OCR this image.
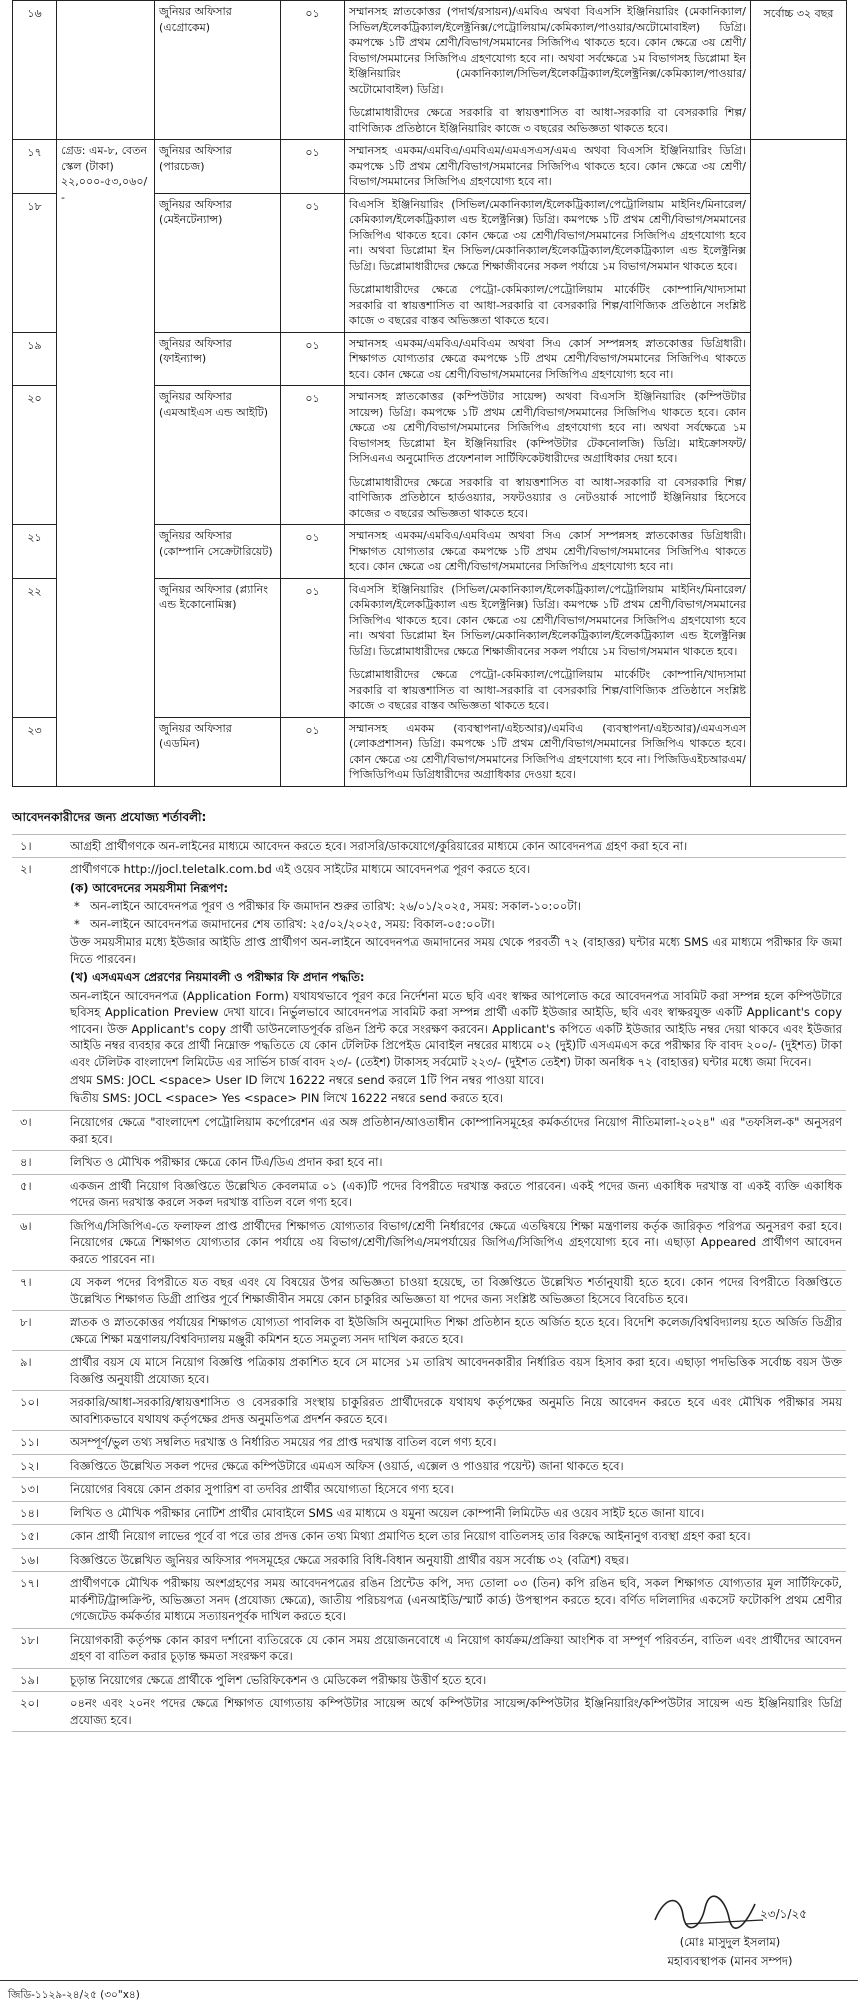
১৬		জুনিয়র অফিসার (এগ্রোকেম)	০১	সম্মানসহ স্নাতকোত্তর (পদার্থ/রসায়ন)/এমবিএ অথবা বিএসসি ইঞ্জিনিয়ারিং (মেকানিক্যাল/সিভিল/ইলেকট্রিক্যাল/ইলেক্ট্রনিক্স/পেট্রোলিয়াম/কেমিক্যাল/পাওয়ার/অটোমোবাইল) ডিগ্রি। কমপক্ষে ১টি প্রথম শ্রেণী/বিভাগ/সমমানের সিজিপিএ থাকতে হবে। কোন ক্ষেত্রে ৩য় শ্রেণী/বিভাগ/সমমানের সিজিপিএ গ্রহণযোগ্য হবে না। অথবা সর্বক্ষেত্রে ১ম বিভাগসহ ডিপ্লোমা ইন ইঞ্জিনিয়ারিং (মেকানিক্যাল/সিভিল/ইলেকট্রিক্যাল/ইলেক্ট্রনিক্স/কেমিক্যাল/পাওয়ার/অটোমোবাইল) ডিগ্রি।

ডিপ্লোমাধারীদের ক্ষেত্রে সরকারি বা স্বায়ত্তশাসিত বা আধা-সরকারি বা বেসরকারি শিল্প/বাণিজ্যিক প্রতিষ্ঠানে ইঞ্জিনিয়ারিং কাজে ৩ বছরের অভিজ্ঞতা থাকতে হবে।	সর্বোচ্চ ৩২ বছর
১৭	গ্রেড: এম-৮, বেতন স্কেল (টাকা) ২২,০০০-৫৩,০৬০/-	জুনিয়র অফিসার (পারচেজ)	০১	সম্মানসহ এমকম/এমবিএ/এমবিএম/এমএসএস/এমএ অথবা বিএসসি ইঞ্জিনিয়ারিং ডিগ্রি। কমপক্ষে ১টি প্রথম শ্রেণী/বিভাগ/সমমানের সিজিপিএ থাকতে হবে। কোন ক্ষেত্রে ৩য় শ্রেণী/বিভাগ/সমমানের সিজিপিএ গ্রহণযোগ্য হবে না।	

১৮		জুনিয়র অফিসার (মেইনটেন্যান্স)	০১	বিএসসি ইঞ্জিনিয়ারিং (সিভিল/মেকানিক্যাল/ইলেকট্রিক্যাল/পেট্রোলিয়াম মাইনিং/মিনারেল/কেমিক্যাল/ইলেকট্রিক্যাল এন্ড ইলেক্ট্রনিক্স) ডিগ্রি। কমপক্ষে ১টি প্রথম শ্রেণী/বিভাগ/সমমানের সিজিপিএ থাকতে হবে। কোন ক্ষেত্রে ৩য় শ্রেণী/বিভাগ/সমমানের সিজিপিএ গ্রহণযোগ্য হবে না। অথবা ডিপ্লোমা ইন সিভিল/মেকানিক্যাল/ইলেকট্রিক্যাল/ইলেকট্রিক্যাল এন্ড ইলেক্ট্রনিক্স ডিগ্রি। ডিপ্লোমাধারীদের ক্ষেত্রে শিক্ষাজীবনের সকল পর্যায়ে ১ম বিভাগ/সমমান থাকতে হবে।

ডিপ্লোমাধারীদের ক্ষেত্রে পেট্রো-কেমিক্যাল/পেট্রোলিয়াম মার্কেটিং কোম্পানি/খাদ্যসামা সরকারি বা স্বায়ত্তশাসিত বা আধা-সরকারি বা বেসরকারি শিল্প/বাণিজ্যিক প্রতিষ্ঠানে সংশ্লিষ্ট কাজে ৩ বছরের বাস্তব অভিজ্ঞতা থাকতে হবে।	

১৯		জুনিয়র অফিসার (ফাইন্যান্স)	০১	সম্মানসহ এমকম/এমবিএ/এমবিএম অথবা সিএ কোর্স সম্পন্নসহ স্নাতকোত্তর ডিগ্রিধারী। শিক্ষাগত যোগ্যতার ক্ষেত্রে কমপক্ষে ১টি প্রথম শ্রেণী/বিভাগ/সমমানের সিজিপিএ থাকতে হবে। কোন ক্ষেত্রে ৩য় শ্রেণী/বিভাগ/সমমানের সিজিপিএ গ্রহণযোগ্য হবে না।	

২০		জুনিয়র অফিসার (এমআইএস এন্ড আইটি)	০১	সম্মানসহ স্নাতকোত্তর (কম্পিউটার সায়েন্স) অথবা বিএসসি ইঞ্জিনিয়ারিং (কম্পিউটার সায়েন্স) ডিগ্রি। কমপক্ষে ১টি প্রথম শ্রেণী/বিভাগ/সমমানের সিজিপিএ থাকতে হবে। কোন ক্ষেত্রে ৩য় শ্রেণী/বিভাগ/সমমানের সিজিপিএ গ্রহণযোগ্য হবে না। অথবা সর্বক্ষেত্রে ১ম বিভাগসহ ডিপ্লোমা ইন ইঞ্জিনিয়ারিং (কম্পিউটার টেকনোলজি) ডিগ্রি। মাইক্রোসফট/সিসিএনএ অনুমোদিত প্রফেশনাল সার্টিফিকেটধারীদের অগ্রাধিকার দেয়া হবে।

ডিপ্লোমাধারীদের ক্ষেত্রে সরকারি বা স্বায়ত্তশাসিত বা আধা-সরকারি বা বেসরকারি শিল্প/বাণিজ্যিক প্রতিষ্ঠানে হার্ডওয়্যার, সফটওয়্যার ও নেটওয়ার্ক সাপোর্ট ইঞ্জিনিয়ার হিসেবে কাজের ৩ বছরের অভিজ্ঞতা থাকতে হবে।	

২১		জুনিয়র অফিসার (কোম্পানি সেক্রেটারিয়েট)	০১	সম্মানসহ এমকম/এমবিএ/এমবিএম অথবা সিএ কোর্স সম্পন্নসহ স্নাতকোত্তর ডিগ্রিধারী। শিক্ষাগত যোগ্যতার ক্ষেত্রে কমপক্ষে ১টি প্রথম শ্রেণী/বিভাগ/সমমানের সিজিপিএ থাকতে হবে। কোন ক্ষেত্রে ৩য় শ্রেণী/বিভাগ/সমমানের সিজিপিএ গ্রহণযোগ্য হবে না।	

২২		জুনিয়র অফিসার (প্ল্যানিং এন্ড ইকোনোমিক্স)	০১	বিএসসি ইঞ্জিনিয়ারিং (সিভিল/মেকানিক্যাল/ইলেকট্রিক্যাল/পেট্রোলিয়াম মাইনিং/মিনারেল/কেমিক্যাল/ইলেকট্রিক্যাল এন্ড ইলেক্ট্রনিক্স) ডিগ্রি। কমপক্ষে ১টি প্রথম শ্রেণী/বিভাগ/সমমানের সিজিপিএ থাকতে হবে। কোন ক্ষেত্রে ৩য় শ্রেণী/বিভাগ/সমমানের সিজিপিএ গ্রহণযোগ্য হবে না। অথবা ডিপ্লোমা ইন সিভিল/মেকানিক্যাল/ইলেকট্রিক্যাল/ইলেকট্রিক্যাল এন্ড ইলেক্ট্রনিক্স ডিগ্রি। ডিপ্লোমাধারীদের ক্ষেত্রে শিক্ষাজীবনের সকল পর্যায়ে ১ম বিভাগ/সমমান থাকতে হবে।

ডিপ্লোমাধারীদের ক্ষেত্রে পেট্রো-কেমিক্যাল/পেট্রোলিয়াম মার্কেটিং কোম্পানি/খাদ্যসামা সরকারি বা স্বায়ত্তশাসিত বা আধা-সরকারি বা বেসরকারি শিল্প/বাণিজ্যিক প্রতিষ্ঠানে সংশ্লিষ্ট কাজে ৩ বছরের বাস্তব অভিজ্ঞতা থাকতে হবে।	

২৩		জুনিয়র অফিসার (এডমিন)	০১	সম্মানসহ এমকম (ব্যবস্থাপনা/এইচআর)/এমবিএ (ব্যবস্থাপনা/এইচআর)/এমএসএস (লোকপ্রশাসন) ডিগ্রি। কমপক্ষে ১টি প্রথম শ্রেণী/বিভাগ/সমমানের সিজিপিএ থাকতে হবে। কোন ক্ষেত্রে ৩য় শ্রেণী/বিভাগ/সমমানের সিজিপিএ গ্রহণযোগ্য হবে না। পিজিডিএইচআরএম/পিজিডিপিএম ডিগ্রিধারীদের অগ্রাধিকার দেওয়া হবে।	

আবেদনকারীদের জন্য প্রযোজ্য শর্তাবলী:
১।	আগ্রহী প্রার্থীগণকে অন-লাইনের মাধ্যমে আবেদন করতে হবে। সরাসরি/ডাকযোগে/কুরিয়ারের মাধ্যমে কোন আবেদনপত্র গ্রহণ করা হবে না।
২।	প্রার্থীগণকে http://jocl.teletalk.com.bd এই ওয়েব সাইটের মাধ্যমে আবেদনপত্র পূরণ করতে হবে।
(ক) আবেদনের সময়সীমা নিরূপণ:
* অন-লাইনে আবেদনপত্র পূরণ ও পরীক্ষার ফি জমাদান শুরুর তারিখ: ২৬/০১/২০২৫, সময়: সকাল-১০:০০টা।
* অন-লাইনে আবেদনপত্র জমাদানের শেষ তারিখ: ২৫/০২/২০২৫, সময়: বিকাল-০৫:০০টা।
উক্ত সময়সীমার মধ্যে ইউজার আইডি প্রাপ্ত প্রার্থীগণ অন-লাইনে আবেদনপত্র জমাদানের সময় থেকে পরবর্তী ৭২ (বাহাত্তর) ঘন্টার মধ্যে SMS এর মাধ্যমে পরীক্ষার ফি জমা দিতে পারবেন।
(খ) এসএমএস প্রেরণের নিয়মাবলী ও পরীক্ষার ফি প্রদান পদ্ধতি:
অন-লাইনে আবেদনপত্র (Application Form) যথাযথভাবে পূরণ করে নির্দেশনা মতে ছবি এবং স্বাক্ষর আপলোড করে আবেদনপত্র সাবমিট করা সম্পন্ন হলে কম্পিউটারে ছবিসহ Application Preview দেখা যাবে। নির্ভুলভাবে আবেদনপত্র সাবমিট করা সম্পন্ন প্রার্থী একটি ইউজার আইডি, ছবি এবং স্বাক্ষরযুক্ত একটি Applicant's copy পাবেন। উক্ত Applicant's copy প্রার্থী ডাউনলোডপূর্বক রঙিন প্রিন্ট করে সংরক্ষণ করবেন। Applicant's কপিতে একটি ইউজার আইডি নম্বর দেয়া থাকবে এবং ইউজার আইডি নম্বর ব্যবহার করে প্রার্থী নিম্নোক্ত পদ্ধতিতে যে কোন টেলিটক প্রিপেইড মোবাইল নম্বরের মাধ্যমে ০২ (দুই)টি এসএমএস করে পরীক্ষার ফি বাবদ ২০০/- (দুইশত) টাকা এবং টেলিটক বাংলাদেশ লিমিটেড এর সার্ভিস চার্জ বাবদ ২৩/- (তেইশ) টাকাসহ সর্বমোট ২২৩/- (দুইশত তেইশ) টাকা অনধিক ৭২ (বাহাত্তর) ঘন্টার মধ্যে জমা দিবেন।
প্রথম SMS: JOCL <space> User ID লিখে 16222 নম্বরে send করলে 1টি পিন নম্বর পাওয়া যাবে।
দ্বিতীয় SMS: JOCL <space> Yes <space> PIN লিখে 16222 নম্বরে send করতে হবে।
৩।	নিয়োগের ক্ষেত্রে "বাংলাদেশ পেট্রোলিয়াম কর্পোরেশন এর অঙ্গ প্রতিষ্ঠান/আওতাধীন কোম্পানিসমূহের কর্মকর্তাদের নিয়োগ নীতিমালা-২০২৪" এর "তফসিল-ক" অনুসরণ করা হবে।
৪।	লিখিত ও মৌখিক পরীক্ষার ক্ষেত্রে কোন টিএ/ডিএ প্রদান করা হবে না।
৫।	একজন প্রার্থী নিয়োগ বিজ্ঞপ্তিতে উল্লেখিত কেবলমাত্র ০১ (এক)টি পদের বিপরীতে দরখাস্ত করতে পারবেন। একই পদের জন্য একাধিক দরখাস্ত বা একই ব্যক্তি একাধিক পদের জন্য দরখাস্ত করলে সকল দরখাস্ত বাতিল বলে গণ্য হবে।
৬।	জিপিএ/সিজিপিএ-তে ফলাফল প্রাপ্ত প্রার্থীদের শিক্ষাগত যোগ্যতার বিভাগ/শ্রেণী নির্ধারণের ক্ষেত্রে এতদ্বিষয়ে শিক্ষা মন্ত্রণালয় কর্তৃক জারিকৃত পরিপত্র অনুসরণ করা হবে। নিয়োগের ক্ষেত্রে শিক্ষাগত যোগ্যতার কোন পর্যায়ে ৩য় বিভাগ/শ্রেণী/জিপিএ/সমপর্যায়ের জিপিএ/সিজিপিএ গ্রহণযোগ্য হবে না। এছাড়া Appeared প্রার্থীগণ আবেদন করতে পারবেন না।
৭।	যে সকল পদের বিপরীতে যত বছর এবং যে বিষয়ের উপর অভিজ্ঞতা চাওয়া হয়েছে, তা বিজ্ঞপ্তিতে উল্লেখিত শর্তানুযায়ী হতে হবে। কোন পদের বিপরীতে বিজ্ঞপ্তিতে উল্লেখিত শিক্ষাগত ডিগ্রী প্রাপ্তির পূর্বে শিক্ষাজীবীন সময়ে কোন চাকুরির অভিজ্ঞতা যা পদের জন্য সংশ্লিষ্ট অভিজ্ঞতা হিসেবে বিবেচিত হবে।
৮।	স্নাতক ও স্নাতকোত্তর পর্যায়ের শিক্ষাগত যোগ্যতা পাবলিক বা ইউজিসি অনুমোদিত শিক্ষা প্রতিষ্ঠান হতে অর্জিত হতে হবে। বিদেশি কলেজ/বিশ্ববিদ্যালয় হতে অর্জিত ডিগ্রীর ক্ষেত্রে শিক্ষা মন্ত্রণালয়/বিশ্ববিদ্যালয় মঞ্জুরী কমিশন হতে সমতুল্য সনদ দাখিল করতে হবে।
৯।	প্রার্থীর বয়স যে মাসে নিয়োগ বিজ্ঞপ্তি পত্রিকায় প্রকাশিত হবে সে মাসের ১ম তারিখ আবেদনকারীর নির্ধারিত বয়স হিসাব করা হবে। এছাড়া পদভিত্তিক সর্বোচ্চ বয়স উক্ত বিজ্ঞপ্তি অনুযায়ী প্রযোজ্য হবে।
১০।	সরকারি/আধা-সরকারি/স্বায়ত্তশাসিত ও বেসরকারি সংস্থায় চাকুরিরত প্রার্থীদেরকে যথাযথ কর্তৃপক্ষের অনুমতি নিয়ে আবেদন করতে হবে এবং মৌখিক পরীক্ষার সময় আবশ্যিকভাবে যথাযথ কর্তৃপক্ষের প্রদত্ত অনুমতিপত্র প্রদর্শন করতে হবে।
১১।	অসম্পূর্ণ/ভুল তথ্য সম্বলিত দরখাস্ত ও নির্ধারিত সময়ের পর প্রাপ্ত দরখাস্ত বাতিল বলে গণ্য হবে।
১২।	বিজ্ঞপ্তিতে উল্লেখিত সকল পদের ক্ষেত্রে কম্পিউটারে এমএস অফিস (ওয়ার্ড, এক্সেল ও পাওয়ার পয়েন্ট) জানা থাকতে হবে।
১৩।	নিয়োগের বিষয়ে কোন প্রকার সুপারিশ বা তদবির প্রার্থীর অযোগ্যতা হিসেবে গণ্য হবে।
১৪।	লিখিত ও মৌখিক পরীক্ষার নোটিশ প্রার্থীর মোবাইলে SMS এর মাধ্যমে ও যমুনা অয়েল কোম্পানী লিমিটেড এর ওয়েব সাইট হতে জানা যাবে।
১৫।	কোন প্রার্থী নিয়োগ লাভের পূর্বে বা পরে তার প্রদত্ত কোন তথ্য মিথ্যা প্রমাণিত হলে তার নিয়োগ বাতিলসহ তার বিরুদ্ধে আইনানুগ ব্যবস্থা গ্রহণ করা হবে।
১৬।	বিজ্ঞপ্তিতে উল্লেখিত জুনিয়র অফিসার পদসমূহের ক্ষেত্রে সরকারি বিধি-বিধান অনুযায়ী প্রার্থীর বয়স সর্বোচ্চ ৩২ (বত্রিশ) বছর।
১৭।	প্রার্থীগণকে মৌখিক পরীক্ষায় অংশগ্রহণের সময় আবেদনপত্রের রঙিন প্রিন্টেড কপি, সদ্য তোলা ০৩ (তিন) কপি রঙিন ছবি, সকল শিক্ষাগত যোগ্যতার মূল সার্টিফিকেট, মার্কশীট/ট্রান্সক্রিপ্ট, অভিজ্ঞতা সনদ (প্রযোজ্য ক্ষেত্রে), জাতীয় পরিচয়পত্র (এনআইডি/স্মার্ট কার্ড) উপস্থাপন করতে হবে। বর্ণিত দলিলাদির একসেট ফটোকপি প্রথম শ্রেণীর গেজেটেড কর্মকর্তার মাধ্যমে সত্যায়নপূর্বক দাখিল করতে হবে।
১৮।	নিয়োগকারী কর্তৃপক্ষ কোন কারণ দর্শানো ব্যতিরেকে যে কোন সময় প্রয়োজনবোধে এ নিয়োগ কার্যক্রম/প্রক্রিয়া আংশিক বা সম্পূর্ণ পরিবর্তন, বাতিল এবং প্রার্থীদের আবেদন গ্রহণ বা বাতিল করার চূড়ান্ত ক্ষমতা সংরক্ষণ করে।
১৯।	চূড়ান্ত নিয়োগের ক্ষেত্রে প্রার্থীকে পুলিশ ভেরিফিকেশন ও মেডিকেল পরীক্ষায় উত্তীর্ণ হতে হবে।
২০।	০৪নং এবং ২০নং পদের ক্ষেত্রে শিক্ষাগত যোগ্যতায় কম্পিউটার সায়েন্স অর্থে কম্পিউটার সায়েন্স/কম্পিউটার ইঞ্জিনিয়ারিং/কম্পিউটার সায়েন্স এন্ড ইঞ্জিনিয়ারিং ডিগ্রি প্রযোজ্য হবে।
২৩/১/২৫
(মোঃ মাসুদুল ইসলাম)
মহাব্যবস্থাপক (মানব সম্পদ)
জিডি-১১২৯-২৪/২৫ (৩০"x৪)
